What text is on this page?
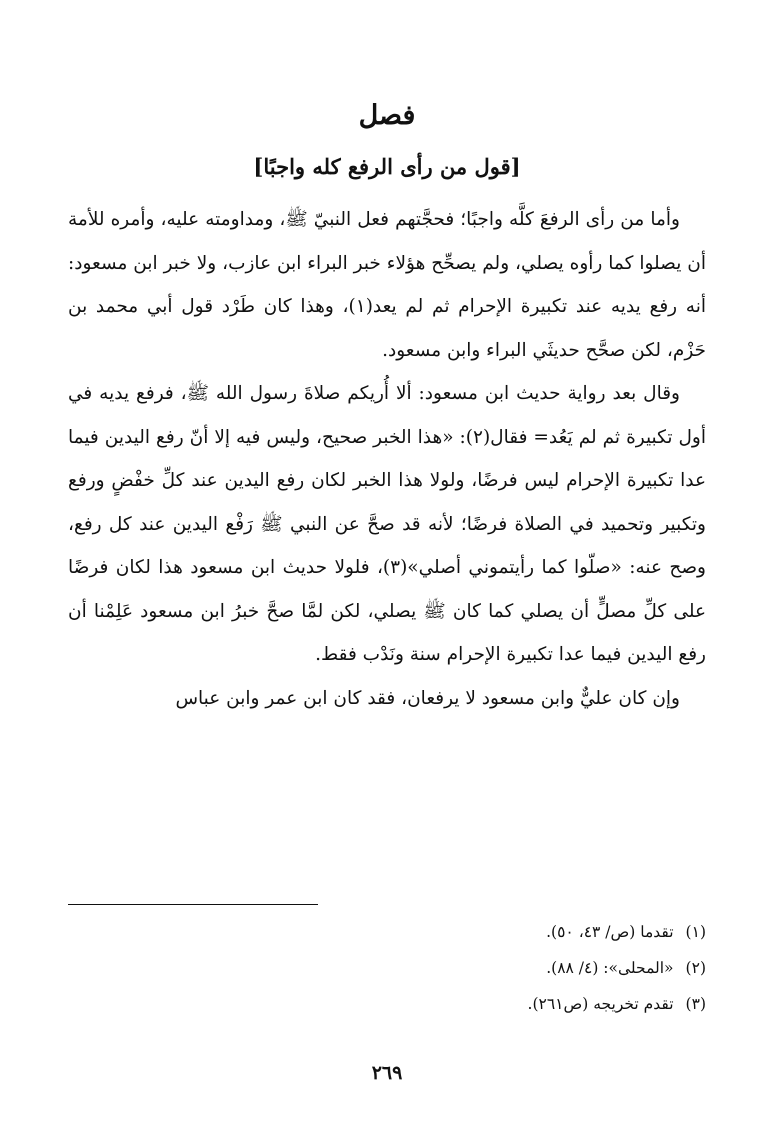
فصل
[قول من رأى الرفع كله واجبًا]

وأما من رأى الرفعَ كلَّه واجبًا؛ فحجَّتهم فعل النبيّ ﷺ، ومداومته عليه، وأمره للأمة أن يصلوا كما رأوه يصلي، ولم يصحِّح هؤلاء خبر البراء ابن عازب، ولا خبر ابن مسعود: أنه رفع يديه عند تكبيرة الإحرام ثم لم يعد(١)، وهذا كان طَرْد قول أبي محمد بن حَزْم، لكن صحَّح حديثَي البراء وابن مسعود.

وقال بعد رواية حديث ابن مسعود: ألا أُريكم صلاةَ رسول الله ﷺ، فرفع يديه في أول تكبيرة ثم لم يَعُد= فقال(٢): «هذا الخبر صحيح، وليس فيه إلا أنّ رفع اليدين فيما عدا تكبيرة الإحرام ليس فرضًا، ولولا هذا الخبر لكان رفع اليدين عند كلِّ خفْضٍ ورفع وتكبير وتحميد في الصلاة فرضًا؛ لأنه قد صحَّ عن النبي ﷺ رَفْع اليدين عند كل رفع، وصح عنه: «صلّوا كما رأيتموني أصلي»(٣)، فلولا حديث ابن مسعود هذا لكان فرضًا على كلِّ مصلٍّ أن يصلي كما كان ﷺ يصلي، لكن لمَّا صحَّ خبرُ ابن مسعود عَلِمْنا أن رفع اليدين فيما عدا تكبيرة الإحرام سنة ونَدْب فقط.

وإن كان عليٌّ وابن مسعود لا يرفعان، فقد كان ابن عمر وابن عباس

(١)
تقدما (ص/ ٤٣، ٥٠).
(٢)
«المحلى»: (٤/ ٨٨).
(٣)
تقدم تخريجه (ص٢٦١).
٢٦٩
